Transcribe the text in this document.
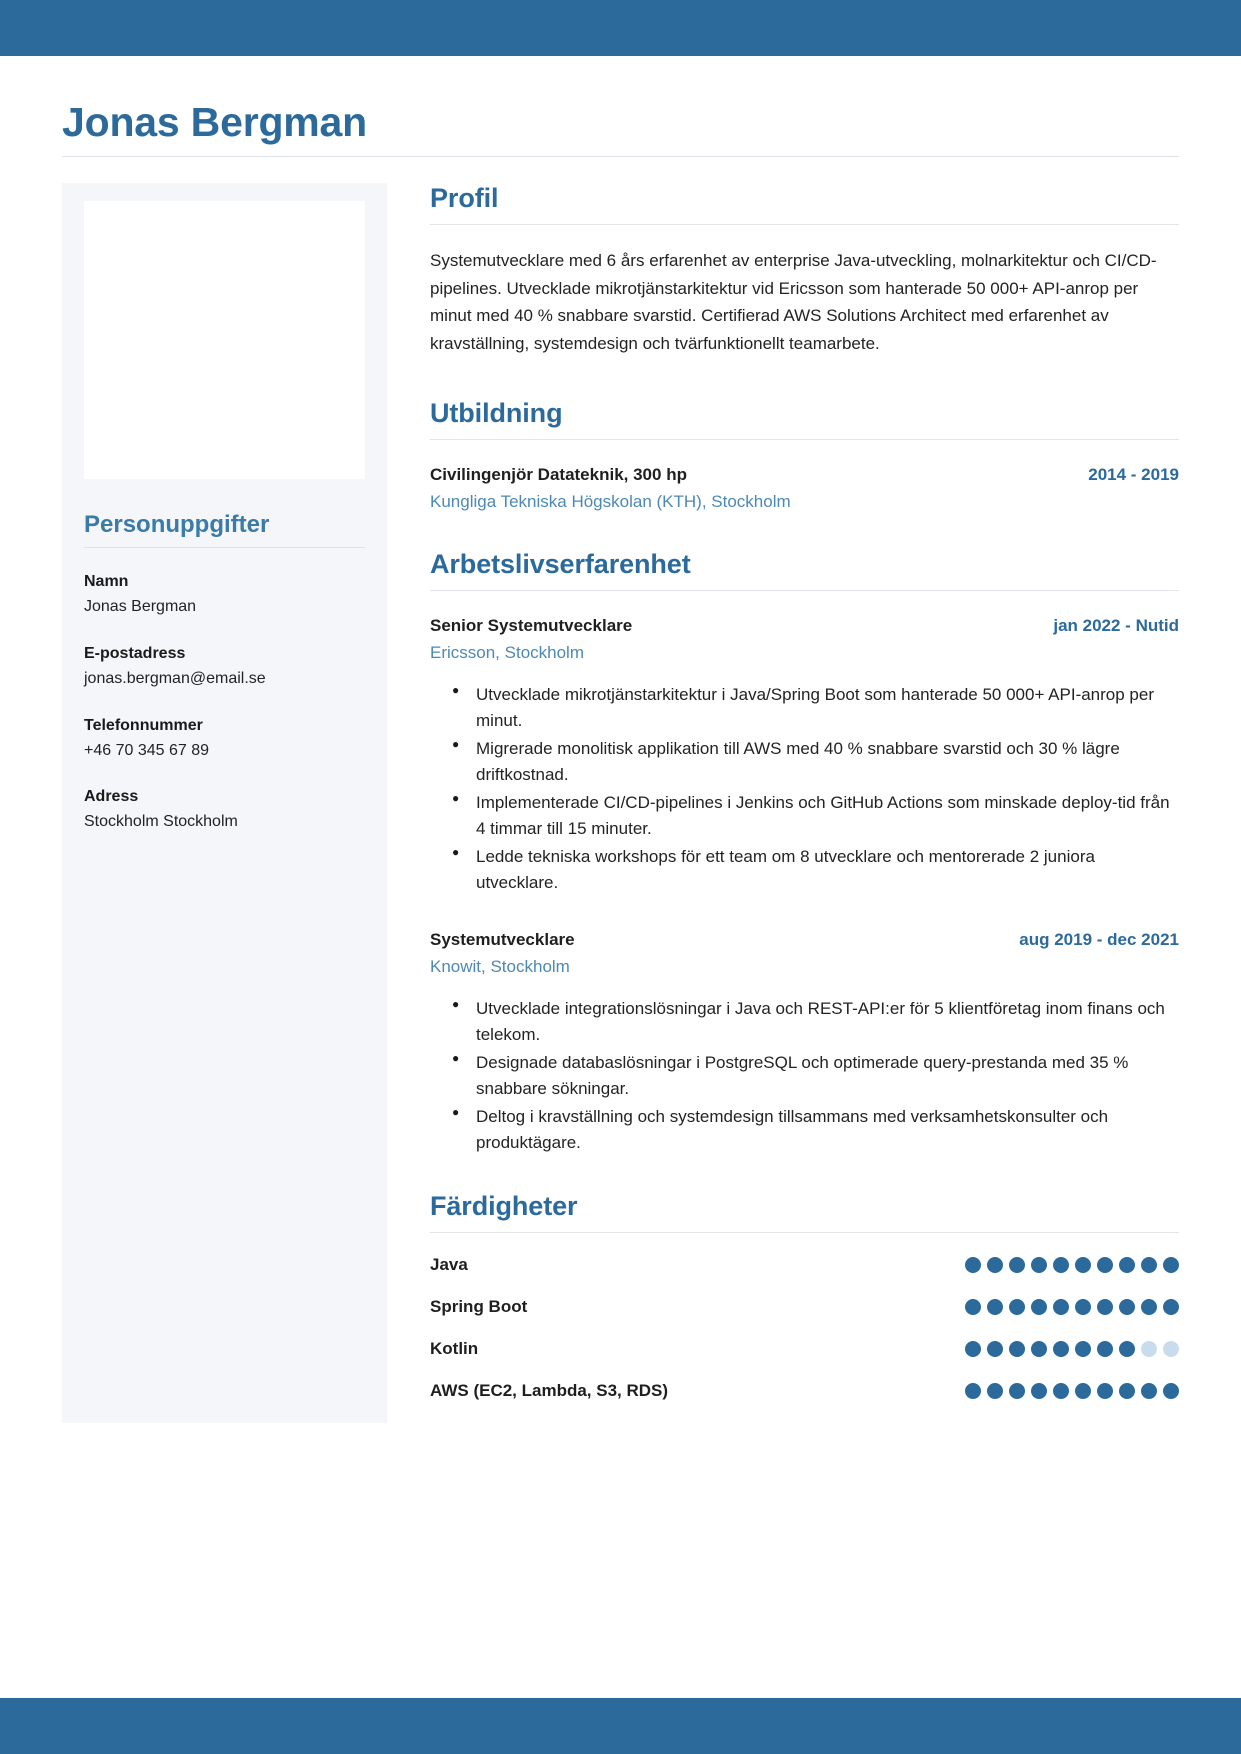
Jonas Bergman
Personuppgifter
Namn
Jonas Bergman
E-postadress
jonas.bergman@email.se
Telefonnummer
+46 70 345 67 89
Adress
Stockholm Stockholm
Profil

Systemutvecklare med 6 års erfarenhet av enterprise Java-utveckling, molnarkitektur och CI/CD-pipelines. Utvecklade mikrotjänstarkitektur vid Ericsson som hanterade 50 000+ API-anrop per minut med 40 % snabbare svarstid. Certifierad AWS Solutions Architect med erfarenhet av kravställning, systemdesign och tvärfunktionellt teamarbete.

Utbildning
Civilingenjör Datateknik, 300 hp	2014 - 2019
Kungliga Tekniska Högskolan (KTH), Stockholm
Arbetslivserfarenhet
Senior Systemutvecklare	jan 2022 - Nutid
Ericsson, Stockholm
● Utvecklade mikrotjänstarkitektur i Java/Spring Boot som hanterade 50 000+ API-anrop per minut.
● Migrerade monolitisk applikation till AWS med 40 % snabbare svarstid och 30 % lägre driftkostnad.
● Implementerade CI/CD-pipelines i Jenkins och GitHub Actions som minskade deploy-tid från 4 timmar till 15 minuter.
● Ledde tekniska workshops för ett team om 8 utvecklare och mentorerade 2 juniora utvecklare.
Systemutvecklare	aug 2019 - dec 2021
Knowit, Stockholm
● Utvecklade integrationslösningar i Java och REST-API:er för 5 klientföretag inom finans och telekom.
● Designade databaslösningar i PostgreSQL och optimerade query-prestanda med 35 % snabbare sökningar.
● Deltog i kravställning och systemdesign tillsammans med verksamhetskonsulter och produktägare.
Färdigheter
Java
Spring Boot
Kotlin
AWS (EC2, Lambda, S3, RDS)
